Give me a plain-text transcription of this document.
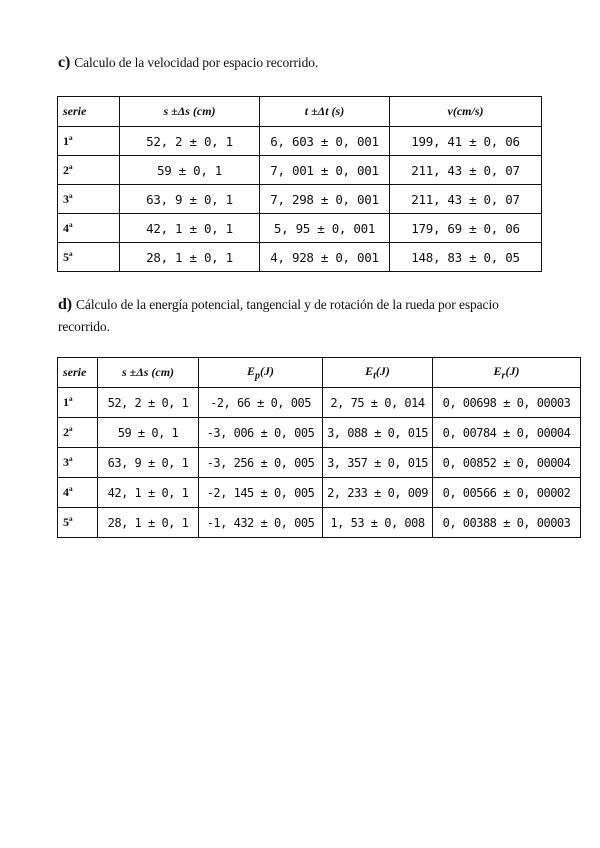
c) Calculo de la velocidad por espacio recorrido.
serie	s ±Δs (cm)	t ±Δt (s)	v(cm/s)
1ª	52, 2 ± 0, 1	6, 603 ± 0, 001	199, 41 ± 0, 06
2ª	59 ± 0, 1	7, 001 ± 0, 001	211, 43 ± 0, 07
3ª	63, 9 ± 0, 1	7, 298 ± 0, 001	211, 43 ± 0, 07
4ª	42, 1 ± 0, 1	5, 95 ± 0, 001	179, 69 ± 0, 06
5ª	28, 1 ± 0, 1	4, 928 ± 0, 001	148, 83 ± 0, 05
d) Cálculo de la energía potencial, tangencial y de rotación de la rueda por espacio recorrido.
serie	s ±Δs (cm)	$E_p(J)$	$E_t(J)$	$E_r(J)$
1ª	52, 2 ± 0, 1	-2, 66 ± 0, 005	2, 75 ± 0, 014	0, 00698 ± 0, 00003
2ª	59 ± 0, 1	-3, 006 ± 0, 005	3, 088 ± 0, 015	0, 00784 ± 0, 00004
3ª	63, 9 ± 0, 1	-3, 256 ± 0, 005	3, 357 ± 0, 015	0, 00852 ± 0, 00004
4ª	42, 1 ± 0, 1	-2, 145 ± 0, 005	2, 233 ± 0, 009	0, 00566 ± 0, 00002
5ª	28, 1 ± 0, 1	-1, 432 ± 0, 005	1, 53 ± 0, 008	0, 00388 ± 0, 00003
